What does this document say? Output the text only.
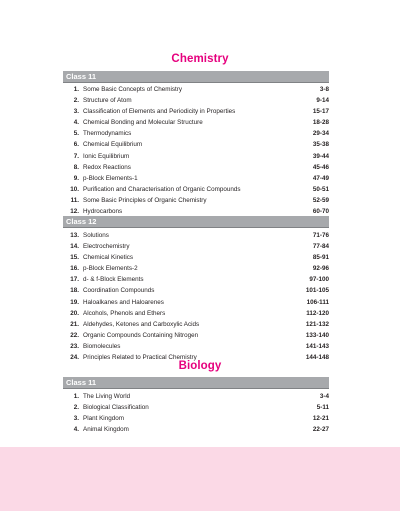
Chemistry
Class 11
1. Some Basic Concepts of Chemistry	3-8
2. Structure of Atom	9-14
3. Classification of Elements and Periodicity in Properties	15-17
4. Chemical Bonding and Molecular Structure	18-28
5. Thermodynamics	29-34
6. Chemical Equilibrium	35-38
7. Ionic Equilibrium	39-44
8. Redox Reactions	45-46
9. p-Block Elements-1	47-49
10. Purification and Characterisation of Organic Compounds	50-51
11. Some Basic Principles of Organic Chemistry	52-59
12. Hydrocarbons	60-70
Class 12
13. Solutions	71-76
14. Electrochemistry	77-84
15. Chemical Kinetics	85-91
16. p-Block Elements-2	92-96
17. d- & f-Block Elements	97-100
18. Coordination Compounds	101-105
19. Haloalkanes and Haloarenes	106-111
20. Alcohols, Phenols and Ethers	112-120
21. Aldehydes, Ketones and Carboxylic Acids	121-132
22. Organic Compounds Containing Nitrogen	133-140
23. Biomolecules	141-143
24. Principles Related to Practical Chemistry	144-148
Biology
Class 11
1. The Living World	3-4
2. Biological Classification	5-11
3. Plant Kingdom	12-21
4. Animal Kingdom	22-27
